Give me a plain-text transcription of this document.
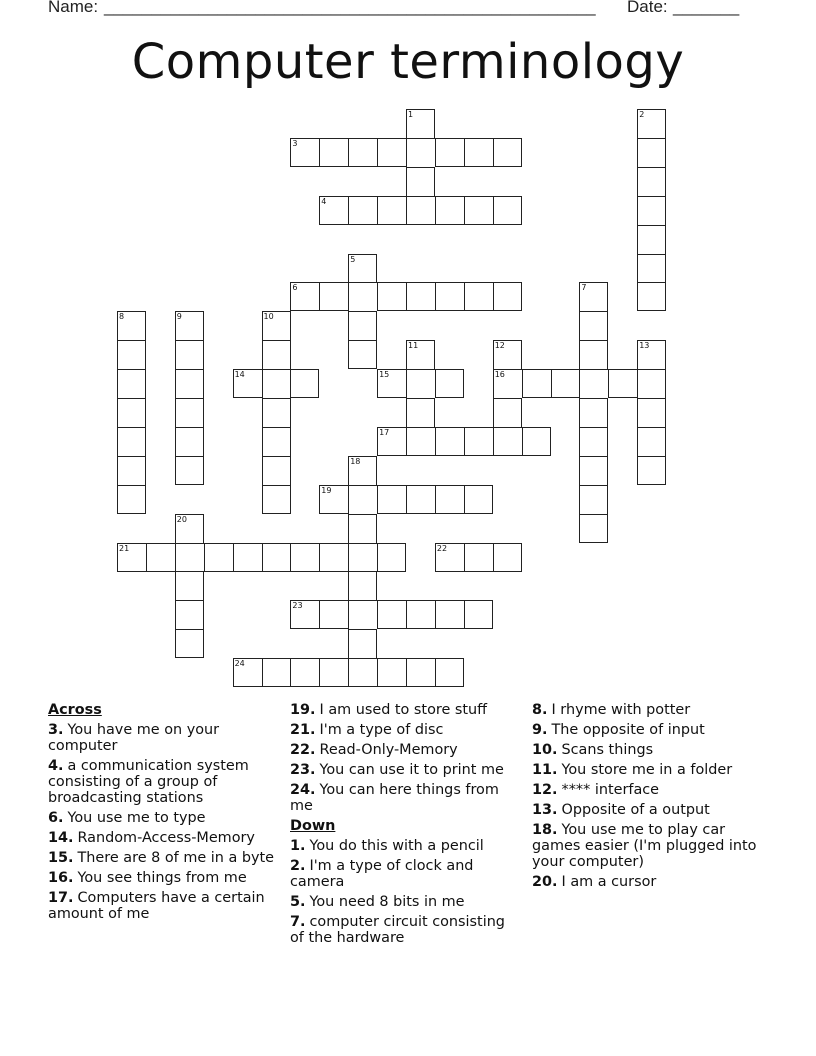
Name: ____________________________________________________ Date: _______
Computer terminology
1	2
3
4
5
6	7
8	9	10
11	12	13
14	15	16
17
18
19
20
21	22
23
24
Across
3. You have me on your computer
4. a communication system consisting of a group of broadcasting stations
6. You use me to type
14. Random-Access-Memory
15. There are 8 of me in a byte
16. You see things from me
17. Computers have a certain amount of me
19. I am used to store stuff
21. I'm a type of disc
22. Read-Only-Memory
23. You can use it to print me
24. You can here things from me
Down
1. You do this with a pencil
2. I'm a type of clock and camera
5. You need 8 bits in me
7. computer circuit consisting of the hardware
8. I rhyme with potter
9. The opposite of input
10. Scans things
11. You store me in a folder
12. **** interface
13. Opposite of a output
18. You use me to play car games easier (I'm plugged into your computer)
20. I am a cursor
